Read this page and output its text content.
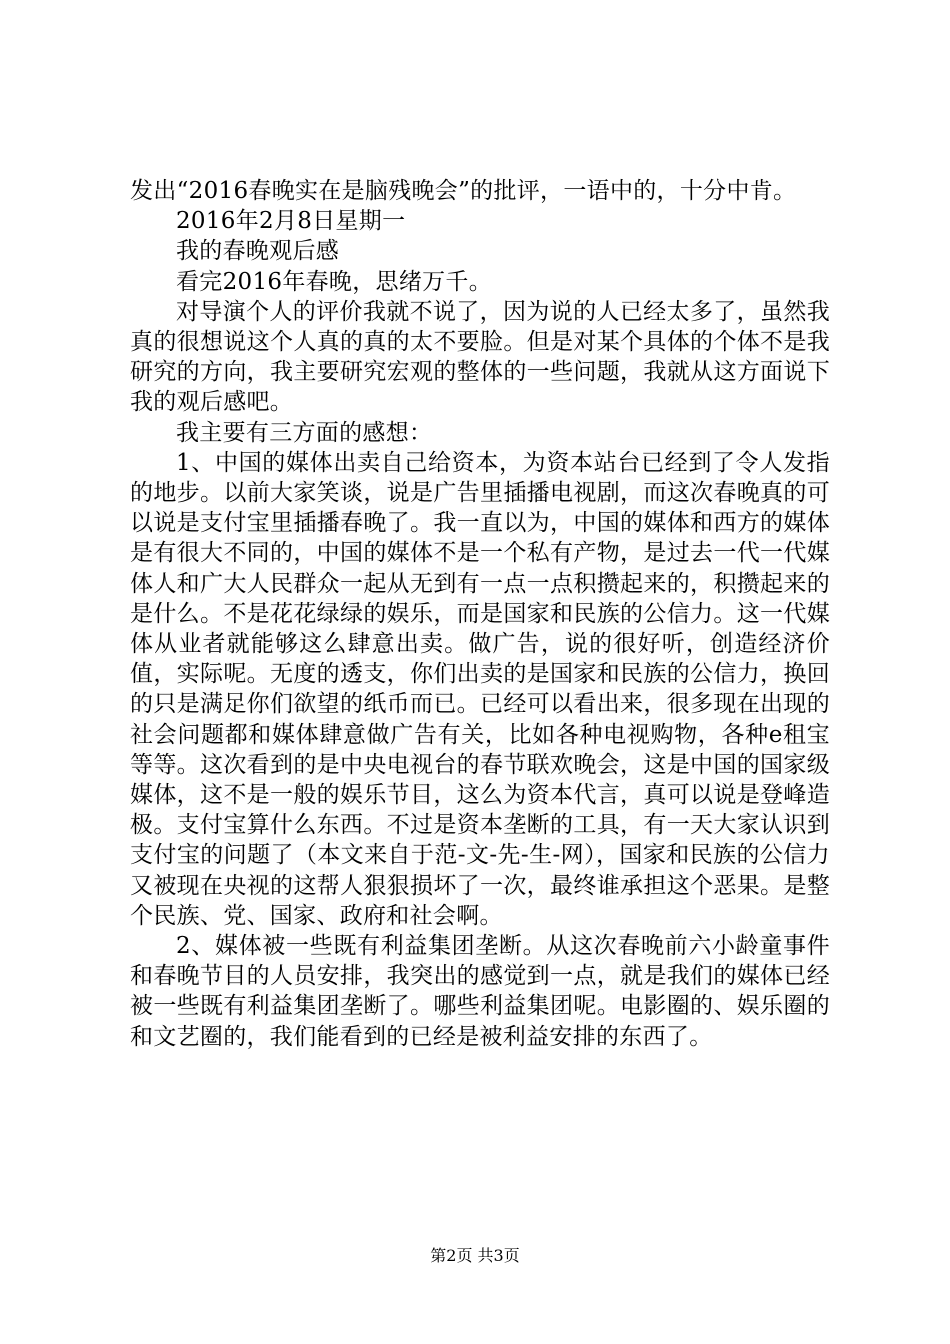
发出“2016春晚实在是脑残晚会”的批评，一语中的，十分中肯。

2016年2月8日星期一

我的春晚观后感

看完2016年春晚，思绪万千。

对导演个人的评价我就不说了，因为说的人已经太多了，虽然我真的很想说这个人真的真的太不要脸。但是对某个具体的个体不是我研究的方向，我主要研究宏观的整体的一些问题，我就从这方面说下我的观后感吧。

我主要有三方面的感想：

1、中国的媒体出卖自己给资本，为资本站台已经到了令人发指的地步。以前大家笑谈，说是广告里插播电视剧，而这次春晚真的可以说是支付宝里插播春晚了。我一直以为，中国的媒体和西方的媒体是有很大不同的，中国的媒体不是一个私有产物，是过去一代一代媒体人和广大人民群众一起从无到有一点一点积攒起来的，积攒起来的是什么。不是花花绿绿的娱乐，而是国家和民族的公信力。这一代媒体从业者就能够这么肆意出卖。做广告，说的很好听，创造经济价值，实际呢。无度的透支，你们出卖的是国家和民族的公信力，换回的只是满足你们欲望的纸币而已。已经可以看出来，很多现在出现的社会问题都和媒体肆意做广告有关，比如各种电视购物，各种e租宝等等。这次看到的是中央电视台的春节联欢晚会，这是中国的国家级媒体，这不是一般的娱乐节目，这么为资本代言，真可以说是登峰造极。支付宝算什么东西。不过是资本垄断的工具，有一天大家认识到支付宝的问题了（本文来自于范-文-先-生-网），国家和民族的公信力又被现在央视的这帮人狠狠损坏了一次，最终谁承担这个恶果。是整个民族、党、国家、政府和社会啊。

2、媒体被一些既有利益集团垄断。从这次春晚前六小龄童事件和春晚节目的人员安排，我突出的感觉到一点，就是我们的媒体已经被一些既有利益集团垄断了。哪些利益集团呢。电影圈的、娱乐圈的和文艺圈的，我们能看到的已经是被利益安排的东西了。

第2页 共3页
